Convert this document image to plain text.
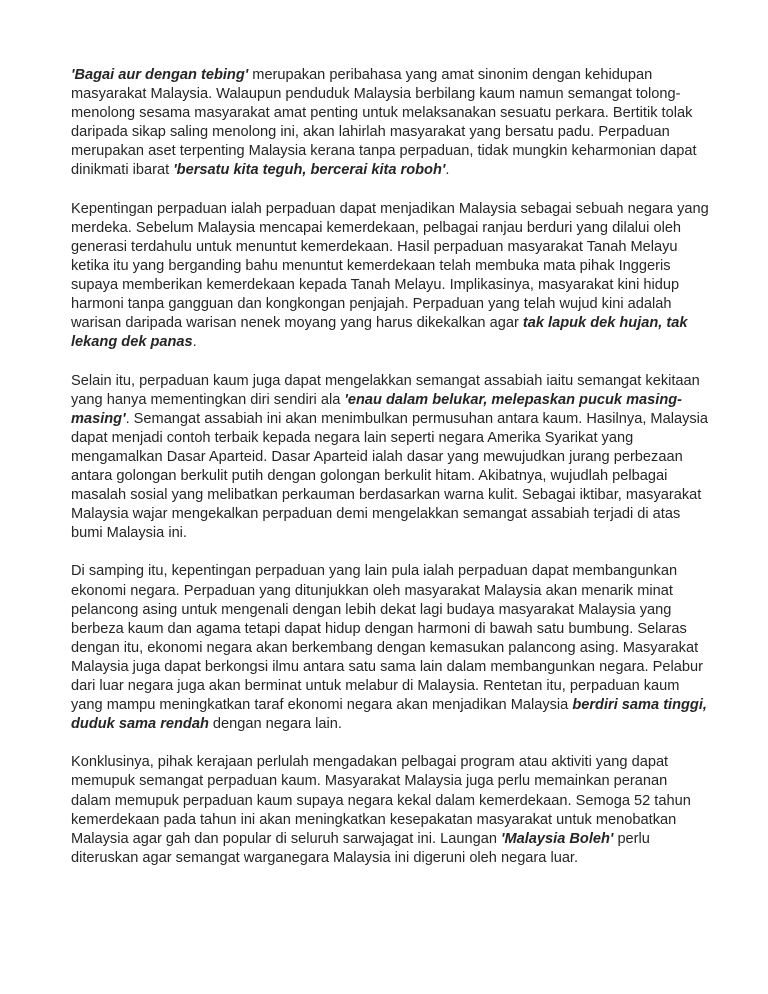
'Bagai aur dengan tebing' merupakan peribahasa yang amat sinonim dengan kehidupan masyarakat Malaysia. Walaupun penduduk Malaysia berbilang kaum namun semangat tolong-menolong sesama masyarakat amat penting untuk melaksanakan sesuatu perkara. Bertitik tolak daripada sikap saling menolong ini, akan lahirlah masyarakat yang bersatu padu. Perpaduan merupakan aset terpenting Malaysia kerana tanpa perpaduan, tidak mungkin keharmonian dapat dinikmati ibarat 'bersatu kita teguh, bercerai kita roboh'.

Kepentingan perpaduan ialah perpaduan dapat menjadikan Malaysia sebagai sebuah negara yang merdeka. Sebelum Malaysia mencapai kemerdekaan, pelbagai ranjau berduri yang dilalui oleh generasi terdahulu untuk menuntut kemerdekaan. Hasil perpaduan masyarakat Tanah Melayu ketika itu yang berganding bahu menuntut kemerdekaan telah membuka mata pihak Inggeris supaya memberikan kemerdekaan kepada Tanah Melayu. Implikasinya, masyarakat kini hidup harmoni tanpa gangguan dan kongkongan penjajah. Perpaduan yang telah wujud kini adalah warisan daripada warisan nenek moyang yang harus dikekalkan agar tak lapuk dek hujan, tak lekang dek panas.

Selain itu, perpaduan kaum juga dapat mengelakkan semangat assabiah iaitu semangat kekitaan yang hanya mementingkan diri sendiri ala 'enau dalam belukar, melepaskan pucuk masing-masing'. Semangat assabiah ini akan menimbulkan permusuhan antara kaum. Hasilnya, Malaysia dapat menjadi contoh terbaik kepada negara lain seperti negara Amerika Syarikat yang mengamalkan Dasar Aparteid. Dasar Aparteid ialah dasar yang mewujudkan jurang perbezaan antara golongan berkulit putih dengan golongan berkulit hitam. Akibatnya, wujudlah pelbagai masalah sosial yang melibatkan perkauman berdasarkan warna kulit. Sebagai iktibar, masyarakat Malaysia wajar mengekalkan perpaduan demi mengelakkan semangat assabiah terjadi di atas bumi Malaysia ini.

Di samping itu, kepentingan perpaduan yang lain pula ialah perpaduan dapat membangunkan ekonomi negara. Perpaduan yang ditunjukkan oleh masyarakat Malaysia akan menarik minat pelancong asing untuk mengenali dengan lebih dekat lagi budaya masyarakat Malaysia yang berbeza kaum dan agama tetapi dapat hidup dengan harmoni di bawah satu bumbung. Selaras dengan itu, ekonomi negara akan berkembang dengan kemasukan palancong asing. Masyarakat Malaysia juga dapat berkongsi ilmu antara satu sama lain dalam membangunkan negara. Pelabur dari luar negara juga akan berminat untuk melabur di Malaysia. Rentetan itu, perpaduan kaum yang mampu meningkatkan taraf ekonomi negara akan menjadikan Malaysia berdiri sama tinggi, duduk sama rendah dengan negara lain.

Konklusinya, pihak kerajaan perlulah mengadakan pelbagai program atau aktiviti yang dapat memupuk semangat perpaduan kaum. Masyarakat Malaysia juga perlu memainkan peranan dalam memupuk perpaduan kaum supaya negara kekal dalam kemerdekaan. Semoga 52 tahun kemerdekaan pada tahun ini akan meningkatkan kesepakatan masyarakat untuk menobatkan Malaysia agar gah dan popular di seluruh sarwajagat ini. Laungan 'Malaysia Boleh' perlu diteruskan agar semangat warganegara Malaysia ini digeruni oleh negara luar.
